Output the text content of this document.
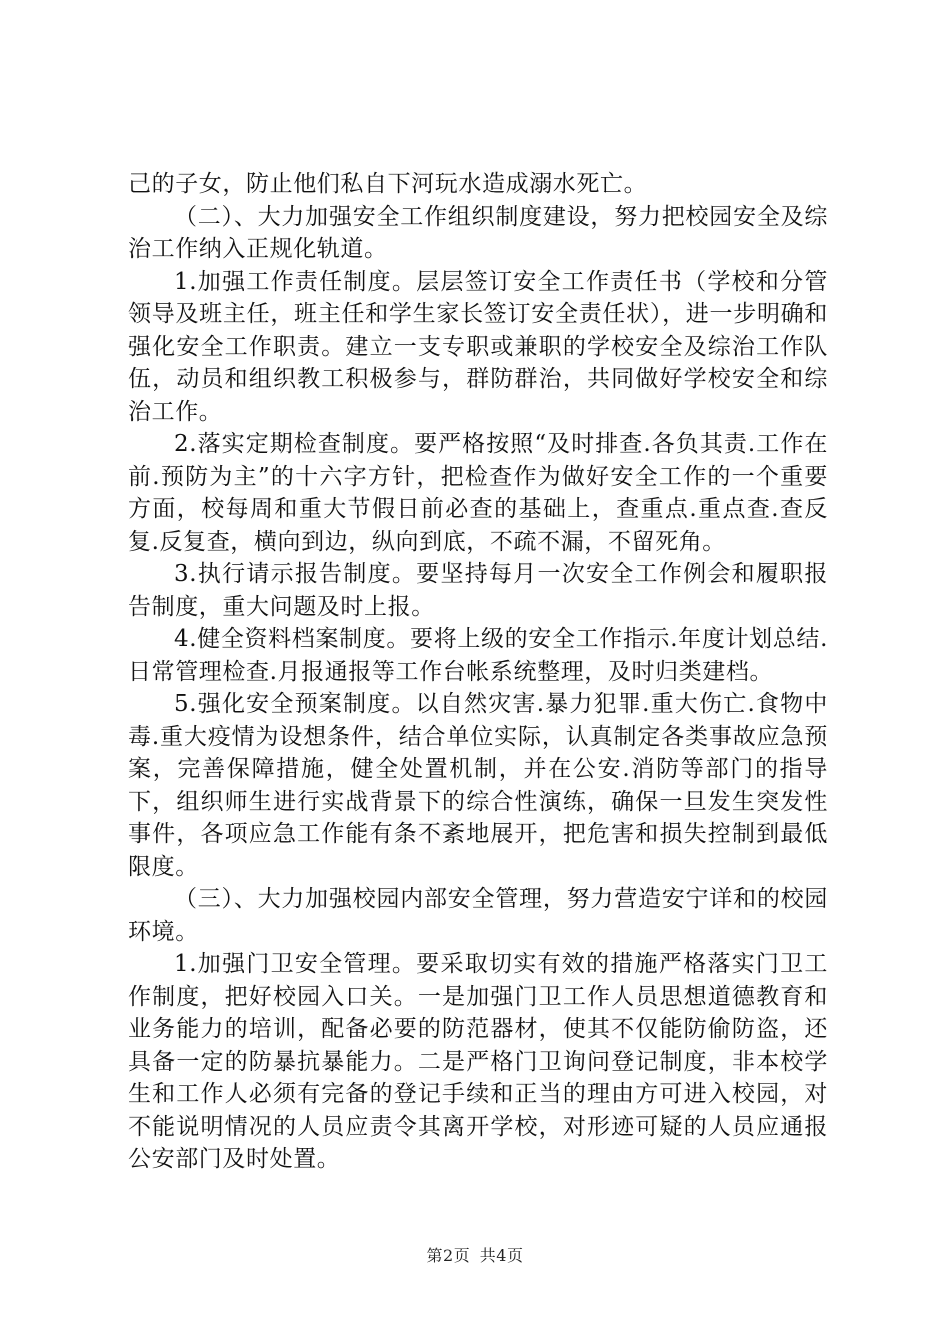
己的子女，防止他们私自下河玩水造成溺水死亡。

（二）、大力加强安全工作组织制度建设，努力把校园安全及综治工作纳入正规化轨道。

1.加强工作责任制度。层层签订安全工作责任书（学校和分管领导及班主任，班主任和学生家长签订安全责任状），进一步明确和强化安全工作职责。建立一支专职或兼职的学校安全及综治工作队伍，动员和组织教工积极参与，群防群治，共同做好学校安全和综治工作。

2.落实定期检查制度。要严格按照“及时排查.各负其责.工作在前.预防为主”的十六字方针，把检查作为做好安全工作的一个重要方面，校每周和重大节假日前必查的基础上，查重点.重点查.查反复.反复查，横向到边，纵向到底，不疏不漏，不留死角。

3.执行请示报告制度。要坚持每月一次安全工作例会和履职报告制度，重大问题及时上报。

4.健全资料档案制度。要将上级的安全工作指示.年度计划总结.日常管理检查.月报通报等工作台帐系统整理，及时归类建档。

5.强化安全预案制度。以自然灾害.暴力犯罪.重大伤亡.食物中毒.重大疫情为设想条件，结合单位实际，认真制定各类事故应急预案，完善保障措施，健全处置机制，并在公安.消防等部门的指导下，组织师生进行实战背景下的综合性演练，确保一旦发生突发性事件，各项应急工作能有条不紊地展开，把危害和损失控制到最低限度。

（三）、大力加强校园内部安全管理，努力营造安宁详和的校园环境。

1.加强门卫安全管理。要采取切实有效的措施严格落实门卫工作制度，把好校园入口关。一是加强门卫工作人员思想道德教育和业务能力的培训，配备必要的防范器材，使其不仅能防偷防盗，还具备一定的防暴抗暴能力。二是严格门卫询问登记制度，非本校学生和工作人必须有完备的登记手续和正当的理由方可进入校园，对不能说明情况的人员应责令其离开学校，对形迹可疑的人员应通报公安部门及时处置。

第2页 共4页
